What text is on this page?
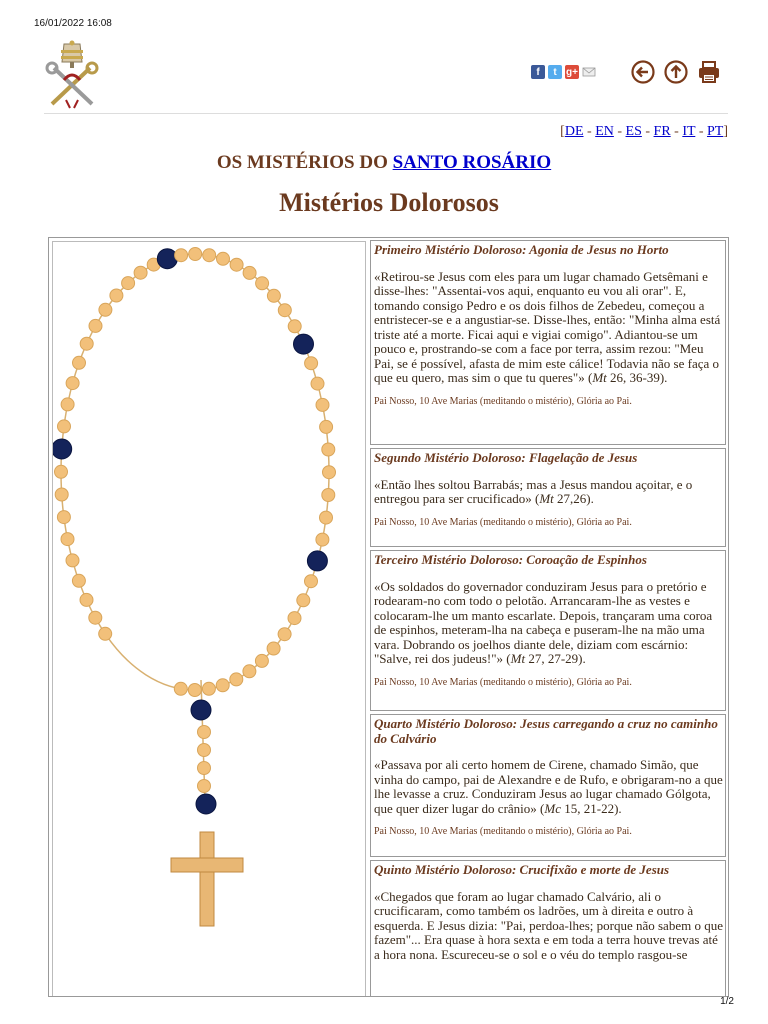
16/01/2022 16:08
f	t g+
[DE - EN - ES - FR - IT - PT]
OS MISTÉRIOS DO SANTO ROSÁRIO
Mistérios Dolorosos
Primeiro Mistério Doloroso: Agonia de Jesus no Horto
«Retirou-se Jesus com eles para um lugar chamado Getsêmani e disse-lhes: "Assentai-vos aqui, enquanto eu vou ali orar". E, tomando consigo Pedro e os dois filhos de Zebedeu, começou a entristecer-se e a angustiar-se. Disse-lhes, então: "Minha alma está triste até a morte. Ficai aqui e vigiai comigo". Adiantou-se um pouco e, prostrando-se com a face por terra, assim rezou: "Meu Pai, se é possível, afasta de mim este cálice! Todavia não se faça o que eu quero, mas sim o que tu queres"» (Mt 26, 36-39).
Pai Nosso, 10 Ave Marias (meditando o mistério), Glória ao Pai.
Segundo Mistério Doloroso: Flagelação de Jesus
«Então lhes soltou Barrabás; mas a Jesus mandou açoitar, e o entregou para ser crucificado» (Mt 27,26).
Pai Nosso, 10 Ave Marias (meditando o mistério), Glória ao Pai.
Terceiro Mistério Doloroso: Coroação de Espinhos
«Os soldados do governador conduziram Jesus para o pretório e rodearam-no com todo o pelotão. Arrancaram-lhe as vestes e colocaram-lhe um manto escarlate. Depois, trançaram uma coroa de espinhos, meteram-lha na cabeça e puseram-lhe na mão uma vara. Dobrando os joelhos diante dele, diziam com escárnio: "Salve, rei dos judeus!"» (Mt 27, 27-29).
Pai Nosso, 10 Ave Marias (meditando o mistério), Glória ao Pai.
Quarto Mistério Doloroso: Jesus carregando a cruz no caminho do Calvário
«Passava por ali certo homem de Cirene, chamado Simão, que vinha do campo, pai de Alexandre e de Rufo, e obrigaram-no a que lhe levasse a cruz. Conduziram Jesus ao lugar chamado Gólgota, que quer dizer lugar do crânio» (Mc 15, 21-22).
Pai Nosso, 10 Ave Marias (meditando o mistério), Glória ao Pai.
Quinto Mistério Doloroso: Crucifixão e morte de Jesus
«Chegados que foram ao lugar chamado Calvário, ali o crucificaram, como também os ladrões, um à direita e outro à esquerda. E Jesus dizia: "Pai, perdoa-lhes; porque não sabem o que fazem"... Era quase à hora sexta e em toda a terra houve trevas até a hora nona. Escureceu-se o sol e o véu do templo rasgou-se
1/2
